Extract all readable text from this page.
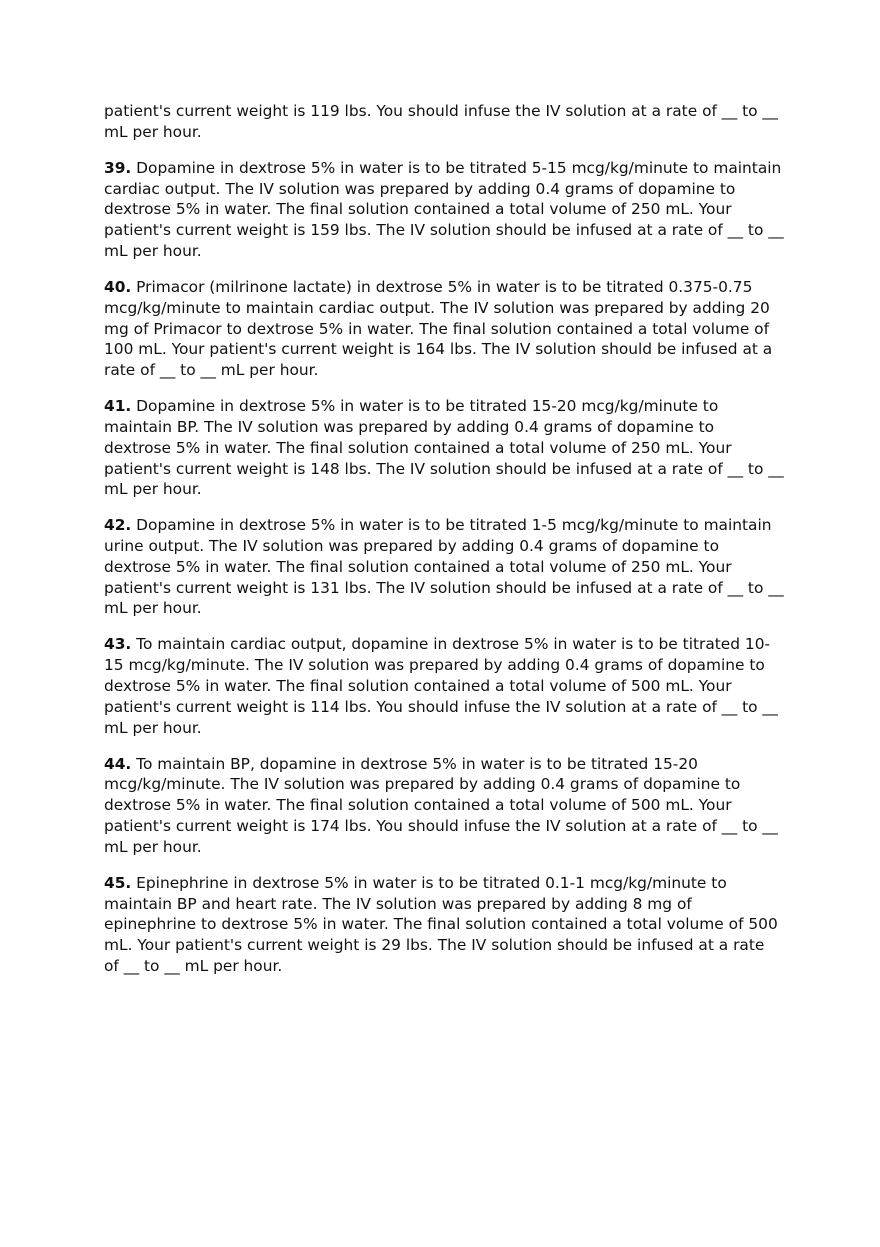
patient's current weight is 119 lbs. You should infuse the IV solution at a rate of __ to __ mL per hour.

39. Dopamine in dextrose 5% in water is to be titrated 5-15 mcg/kg/minute to maintain cardiac output. The IV solution was prepared by adding 0.4 grams of dopamine to dextrose 5% in water. The final solution contained a total volume of 250 mL. Your patient's current weight is 159 lbs. The IV solution should be infused at a rate of __ to __ mL per hour.

40. Primacor (milrinone lactate) in dextrose 5% in water is to be titrated 0.375-0.75 mcg/kg/minute to maintain cardiac output. The IV solution was prepared by adding 20 mg of Primacor to dextrose 5% in water. The final solution contained a total volume of 100 mL. Your patient's current weight is 164 lbs. The IV solution should be infused at a rate of __ to __ mL per hour.

41. Dopamine in dextrose 5% in water is to be titrated 15-20 mcg/kg/minute to maintain BP. The IV solution was prepared by adding 0.4 grams of dopamine to dextrose 5% in water. The final solution contained a total volume of 250 mL. Your patient's current weight is 148 lbs. The IV solution should be infused at a rate of __ to __ mL per hour.

42. Dopamine in dextrose 5% in water is to be titrated 1-5 mcg/kg/minute to maintain urine output. The IV solution was prepared by adding 0.4 grams of dopamine to dextrose 5% in water. The final solution contained a total volume of 250 mL. Your patient's current weight is 131 lbs. The IV solution should be infused at a rate of __ to __ mL per hour.

43. To maintain cardiac output, dopamine in dextrose 5% in water is to be titrated 10-15 mcg/kg/minute. The IV solution was prepared by adding 0.4 grams of dopamine to dextrose 5% in water. The final solution contained a total volume of 500 mL. Your patient's current weight is 114 lbs. You should infuse the IV solution at a rate of __ to __ mL per hour.

44. To maintain BP, dopamine in dextrose 5% in water is to be titrated 15-20 mcg/kg/minute. The IV solution was prepared by adding 0.4 grams of dopamine to dextrose 5% in water. The final solution contained a total volume of 500 mL. Your patient's current weight is 174 lbs. You should infuse the IV solution at a rate of __ to __ mL per hour.

45. Epinephrine in dextrose 5% in water is to be titrated 0.1-1 mcg/kg/minute to maintain BP and heart rate. The IV solution was prepared by adding 8 mg of epinephrine to dextrose 5% in water. The final solution contained a total volume of 500 mL. Your patient's current weight is 29 lbs. The IV solution should be infused at a rate of __ to __ mL per hour.
